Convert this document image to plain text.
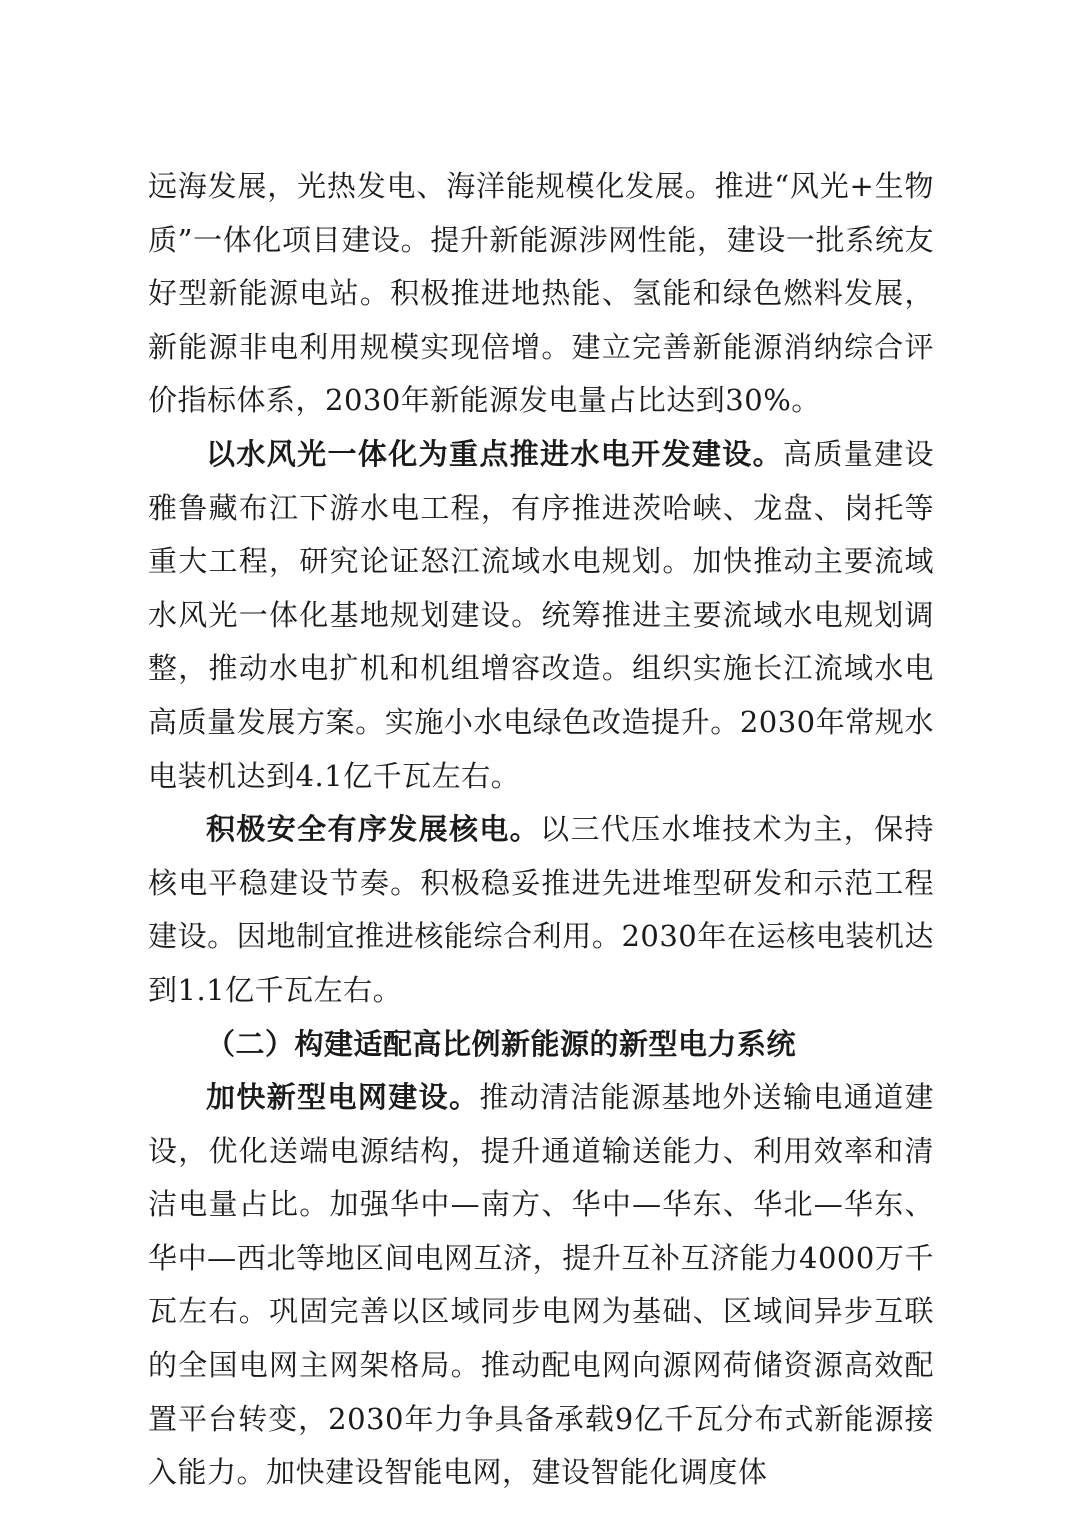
远海发展，光热发电、海洋能规模化发展。推进“风光+生物质”一体化项目建设。提升新能源涉网性能，建设一批系统友好型新能源电站。积极推进地热能、氢能和绿色燃料发展，新能源非电利用规模实现倍增。建立完善新能源消纳综合评价指标体系，2030年新能源发电量占比达到30%。

以水风光一体化为重点推进水电开发建设。高质量建设雅鲁藏布江下游水电工程，有序推进茨哈峡、龙盘、岗托等重大工程，研究论证怒江流域水电规划。加快推动主要流域水风光一体化基地规划建设。统筹推进主要流域水电规划调整，推动水电扩机和机组增容改造。组织实施长江流域水电高质量发展方案。实施小水电绿色改造提升。2030年常规水电装机达到4.1亿千瓦左右。

积极安全有序发展核电。以三代压水堆技术为主，保持核电平稳建设节奏。积极稳妥推进先进堆型研发和示范工程建设。因地制宜推进核能综合利用。2030年在运核电装机达到1.1亿千瓦左右。

（二）构建适配高比例新能源的新型电力系统

加快新型电网建设。推动清洁能源基地外送输电通道建设，优化送端电源结构，提升通道输送能力、利用效率和清洁电量占比。加强华中—南方、华中—华东、华北—华东、华中—西北等地区间电网互济，提升互补互济能力4000万千瓦左右。巩固完善以区域同步电网为基础、区域间异步互联的全国电网主网架格局。推动配电网向源网荷储资源高效配置平台转变，2030年力争具备承载9亿千瓦分布式新能源接入能力。加快建设智能电网，建设智能化调度体
